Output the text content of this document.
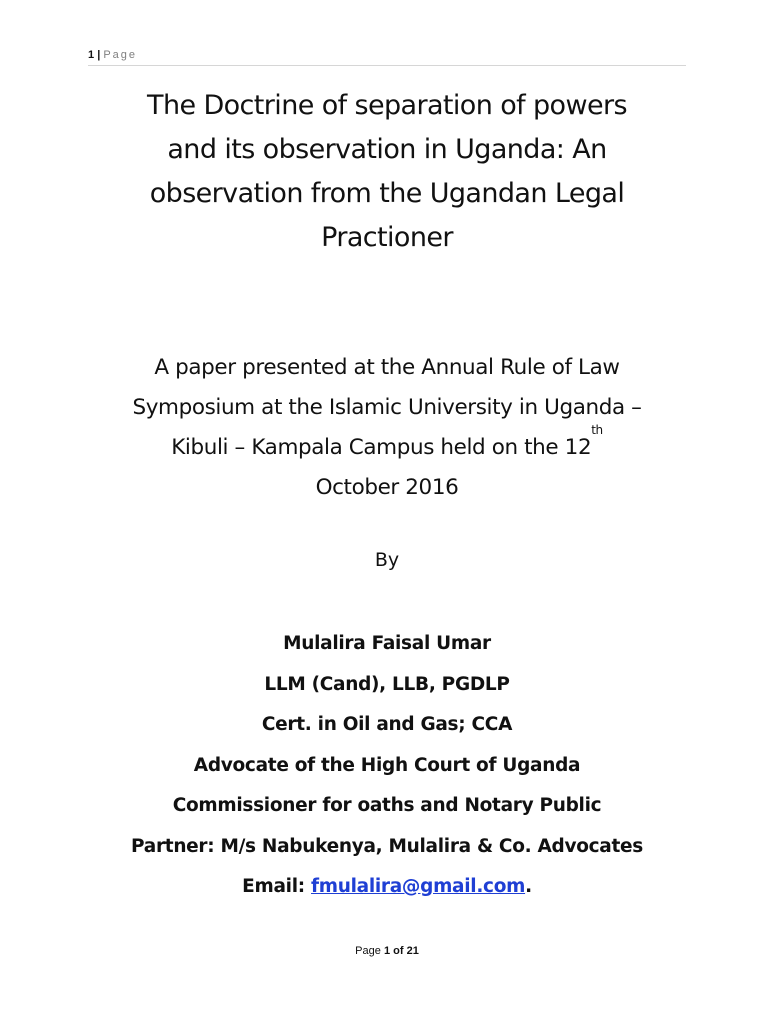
1 | Page
The Doctrine of separation of powers
and its observation in Uganda: An
observation from the Ugandan Legal
Practioner
A paper presented at the Annual Rule of Law
Symposium at the Islamic University in Uganda –
Kibuli – Kampala Campus held on the 12th
October 2016
By
Mulalira Faisal Umar
LLM (Cand), LLB, PGDLP
Cert. in Oil and Gas; CCA
Advocate of the High Court of Uganda
Commissioner for oaths and Notary Public
Partner: M/s Nabukenya, Mulalira & Co. Advocates
Email: fmulalira@gmail.com.
Page 1 of 21
